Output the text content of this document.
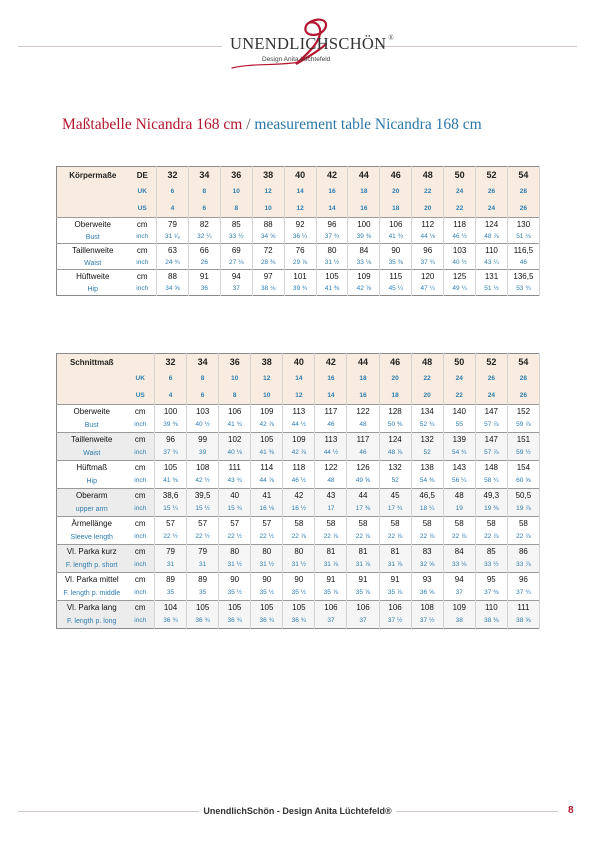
UNENDLICHSCHÖN ®
Design Anita Lüchtefeld
Maßtabelle Nicandra 168 cm / measurement table Nicandra 168 cm
Körpermaße	DE	32	34	36	38	40	42	44	46	48	50	52	54
	UK	6	8	10	12	14	16	18	20	22	24	26	28
	US	4	6	8	10	12	14	16	18	20	22	24	26
Oberweite	cm	79	82	85	88	92	96	100	106	112	118	124	130
Bust	inch	31 ¹⁄₈	32 ¼	33 ½	34 ⅝	36 ¼	37 ¾	39 ⅜	41 ¾	44 ⅛	46 ½	48 ⅞	51 ⅛
Taillenweite	cm	63	66	69	72	76	80	84	90	96	103	110	116,5
Waist	inch	24 ¾	26	27 ⅛	28 ⅜	29 ⅞	31 ½	33 ⅛	35 ⅜	37 ¾	40 ½	43 ¼	46
Hüftweite	cm	88	91	94	97	101	105	109	115	120	125	131	136,5
Hip	inch	34 ⅝	36	37	38 ⅛	39 ¾	41 ⅜	42 ⅞	45 ¼	47 ¼	49 ¼	51 ½	53 ¾
Schnittmaß		32	34	36	38	40	42	44	46	48	50	52	54
	UK	6	8	10	12	14	16	18	20	22	24	26	28
	US	4	6	8	10	12	14	16	18	20	22	24	26
Oberweite	cm	100	103	106	109	113	117	122	128	134	140	147	152
Bust	inch	39 ⅜	40 ½	41 ¾	42 ⅞	44 ½	46	48	50 ⅜	52 ¾	55	57 ⅞	59 ⅞
Taillenweite	cm	96	99	102	105	109	113	117	124	132	139	147	151
Waist	inch	37 ¾	39	40 ⅛	41 ⅜	42 ⅞	44 ½	46	48 ⅞	52	54 ¾	57 ⅞	59 ½
Hüftmaß	cm	105	108	111	114	118	122	126	132	138	143	148	154
Hip	inch	41 ⅜	42 ½	43 ¾	44 ⅞	46 ½	48	49 ⅝	52	54 ⅜	56 ¼	58 ¼	60 ⅝
Oberarm	cm	38,6	39,5	40	41	42	43	44	45	46,5	48	49,3	50,5
upper arm	inch	15 ¼	15 ½	15 ¾	16 ⅛	16 ½	17	17 ⅜	17 ¾	18 ¼	19	19 ⅜	19 ⅞
Ärmellänge	cm	57	57	57	57	58	58	58	58	58	58	58	58
Sleeve length	inch	22 ½	22 ½	22 ½	22 ½	22 ⅞	22 ⅞	22 ⅞	22 ⅞	22 ⅞	22 ⅞	22 ⅞	22 ⅞
Vl. Parka kurz	cm	79	79	80	80	80	81	81	81	83	84	85	86
F. length p. short	inch	31	31	31 ½	31 ½	31 ½	31 ⅞	31 ⅞	31 ⅞	32 ⅝	33 ⅛	33 ½	33 ⅞
Vl. Parka mittel	cm	89	89	90	90	90	91	91	91	93	94	95	96
F. length p. middle	inch	35	35	35 ½	35 ½	35 ½	35 ⅞	35 ⅞	35 ⅞	36 ⅝	37	37 ⅜	37 ¾
Vl. Parka lang	cm	104	105	105	105	105	106	106	106	108	109	110	111
F. length p. long	inch	36 ¾	36 ¾	36 ¾	36 ¾	36 ¾	37	37	37 ½	37 ½	38	38 ⅜	38 ⅝
UnendlichSchön - Design Anita Lüchtefeld®	8
